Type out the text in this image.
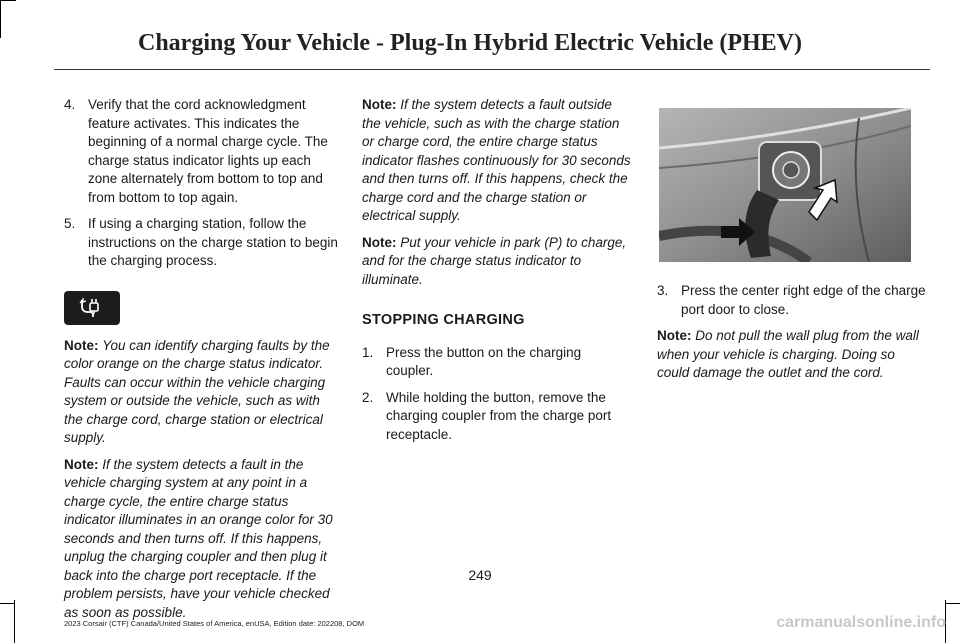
Charging Your Vehicle - Plug-In Hybrid Electric Vehicle (PHEV)
4. Verify that the cord acknowledgment feature activates. This indicates the beginning of a normal charge cycle. The charge status indicator lights up each zone alternately from bottom to top and from bottom to top again.
5. If using a charging station, follow the instructions on the charge station to begin the charging process.

Note: You can identify charging faults by the color orange on the charge status indicator. Faults can occur within the vehicle charging system or outside the vehicle, such as with the charge cord, charge station or electrical supply.

Note: If the system detects a fault in the vehicle charging system at any point in a charge cycle, the entire charge status indicator illuminates in an orange color for 30 seconds and then turns off. If this happens, unplug the charging coupler and then plug it back into the charge port receptacle. If the problem persists, have your vehicle checked as soon as possible.

Note: If the system detects a fault outside the vehicle, such as with the charge station or charge cord, the entire charge status indicator flashes continuously for 30 seconds and then turns off. If this happens, check the charge cord and the charge station or electrical supply.

Note: Put your vehicle in park (P) to charge, and for the charge status indicator to illuminate.

STOPPING CHARGING
1. Press the button on the charging coupler.
2. While holding the button, remove the charging coupler from the charge port receptacle.
3. Press the center right edge of the charge port door to close.

Note: Do not pull the wall plug from the wall when your vehicle is charging. Doing so could damage the outlet and the cord.

249
2023 Corsair (CTF) Canada/United States of America, enUSA, Edition date: 202208, DOM	carmanualsonline.info
